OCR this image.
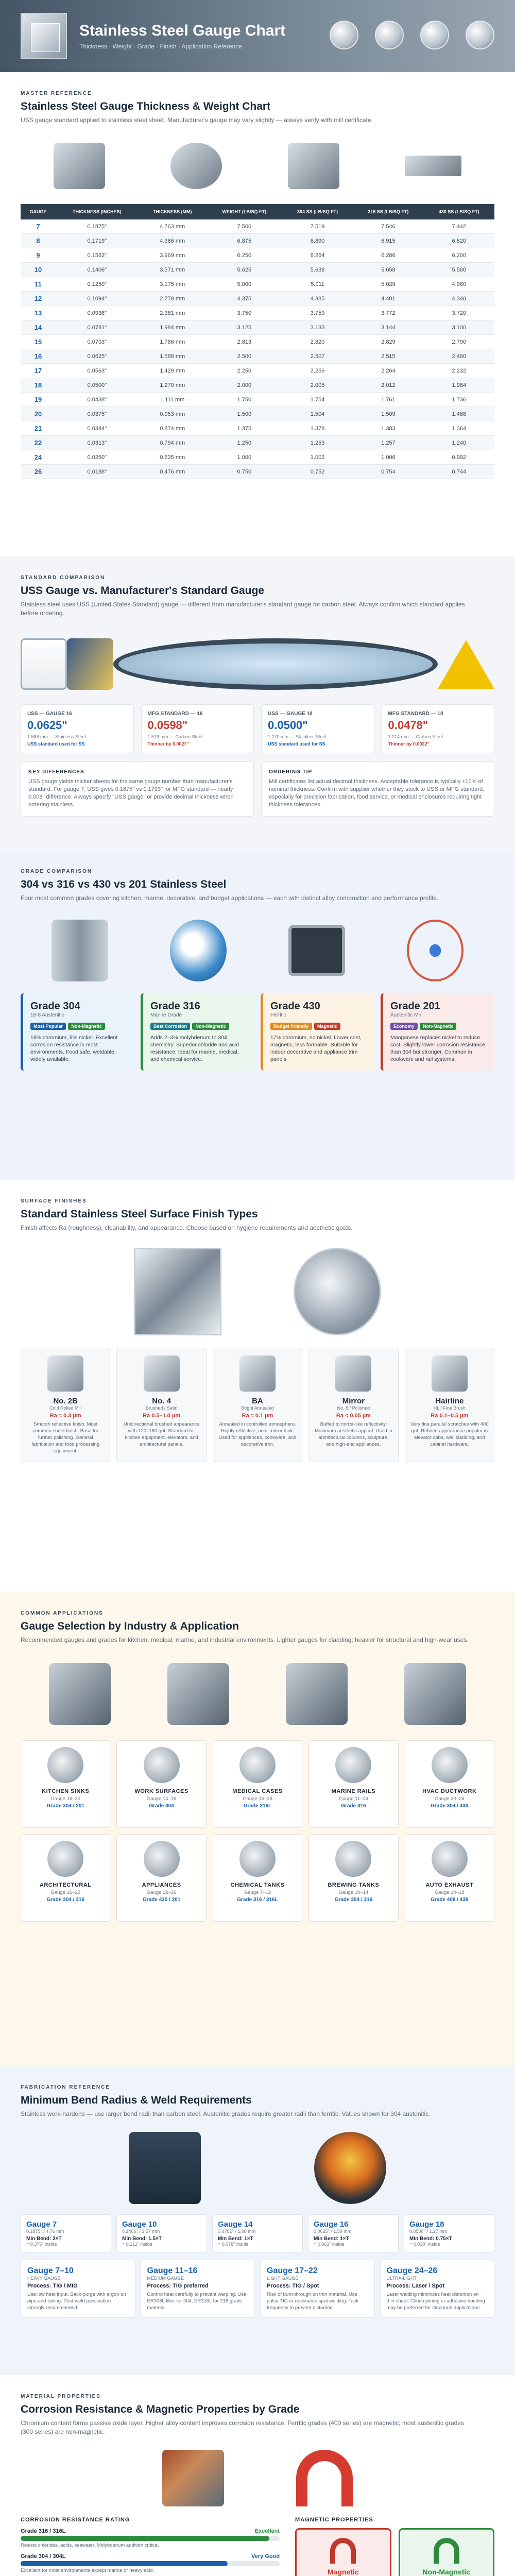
Stainless Steel Gauge Chart
Thickness · Weight · Grade · Finish · Application Reference
MASTER REFERENCE
Stainless Steel Gauge Thickness & Weight Chart
USS gauge standard applied to stainless steel sheet. Manufacturer's gauge may vary slightly — always verify with mill certificate.
GAUGE	THICKNESS (INCHES)	THICKNESS (MM)	WEIGHT (LB/SQ FT)	304 SS (LB/SQ FT)	316 SS (LB/SQ FT)	430 SS (LB/SQ FT)
7	0.1875"	4.763 mm	7.500	7.519	7.546	7.442
8	0.1719"	4.366 mm	6.875	6.890	6.915	6.820
9	0.1563"	3.969 mm	6.250	6.264	6.286	6.200
10	0.1406"	3.571 mm	5.625	5.638	5.658	5.580
11	0.1250"	3.175 mm	5.000	5.011	5.029	4.960
12	0.1094"	2.778 mm	4.375	4.385	4.401	4.340
13	0.0938"	2.381 mm	3.750	3.759	3.772	3.720
14	0.0781"	1.984 mm	3.125	3.133	3.144	3.100
15	0.0703"	1.786 mm	2.813	2.820	2.829	2.790
16	0.0625"	1.588 mm	2.500	2.507	2.515	2.480
17	0.0563"	1.429 mm	2.250	2.256	2.264	2.232
18	0.0500"	1.270 mm	2.000	2.005	2.012	1.984
19	0.0438"	1.111 mm	1.750	1.754	1.761	1.736
20	0.0375"	0.953 mm	1.500	1.504	1.509	1.488
21	0.0344"	0.874 mm	1.375	1.378	1.383	1.364
22	0.0313"	0.794 mm	1.250	1.253	1.257	1.240
24	0.0250"	0.635 mm	1.000	1.002	1.006	0.992
26	0.0188"	0.476 mm	0.750	0.752	0.754	0.744
STANDARD COMPARISON
USS Gauge vs. Manufacturer's Standard Gauge
Stainless steel uses USS (United States Standard) gauge — different from manufacturer's standard gauge for carbon steel. Always confirm which standard applies before ordering.
USS — GAUGE 16
0.0625"
1.588 mm — Stainless Steel
USS standard used for SS
MFG STANDARD — 16
0.0598"
1.519 mm — Carbon Steel
Thinner by 0.0027"
USS — GAUGE 18
0.0500"
1.270 mm — Stainless Steel
USS standard used for SS
MFG STANDARD — 18
0.0478"
1.214 mm — Carbon Steel
Thinner by 0.0022"
KEY DIFFERENCES
USS gauge yields thicker sheets for the same gauge number than manufacturer's standard. For gauge 7, USS gives 0.1875" vs 0.1793" for MFG standard — nearly 0.008" difference. Always specify "USS gauge" or provide decimal thickness when ordering stainless.
ORDERING TIP
Mill certificates list actual decimal thickness. Acceptable tolerance is typically ±10% of nominal thickness. Confirm with supplier whether they stock to USS or MFG standard, especially for precision fabrication, food service, or medical enclosures requiring tight thickness tolerances.
GRADE COMPARISON
304 vs 316 vs 430 vs 201 Stainless Steel
Four most common grades covering kitchen, marine, decorative, and budget applications — each with distinct alloy composition and performance profile.
Grade 304
18-8 Austenitic
Most Popular Non-Magnetic
18% chromium, 8% nickel. Excellent corrosion resistance in most environments. Food safe, weldable, widely available.
Grade 316
Marine Grade
Best Corrosion Non-Magnetic
Adds 2–3% molybdenum to 304 chemistry. Superior chloride and acid resistance. Ideal for marine, medical, and chemical service.
Grade 430
Ferritic
Budget Friendly Magnetic
17% chromium, no nickel. Lower cost, magnetic, less formable. Suitable for indoor decorative and appliance trim panels.
Grade 201
Austenitic Mn
Economy Non-Magnetic
Manganese replaces nickel to reduce cost. Slightly lower corrosion resistance than 304 but stronger. Common in cookware and rail systems.
SURFACE FINISHES
Standard Stainless Steel Surface Finish Types
Finish affects Ra (roughness), cleanability, and appearance. Choose based on hygiene requirements and aesthetic goals.
No. 2B
Cold Rolled Mill
Ra ≈ 0.3 µm
Smooth reflective finish. Most common sheet finish. Base for further polishing. General fabrication and food processing equipment.
No. 4
Brushed / Satin
Ra 0.5–1.0 µm
Unidirectional brushed appearance with 120–180 grit. Standard for kitchen equipment, elevators, and architectural panels.
BA
Bright Annealed
Ra ≈ 0.1 µm
Annealed in controlled atmosphere. Highly reflective, near-mirror look. Used for appliances, cookware, and decorative trim.
Mirror
No. 8 / Polished
Ra < 0.05 µm
Buffed to mirror-like reflectivity. Maximum aesthetic appeal. Used in architectural columns, sculpture, and high-end appliances.
Hairline
HL / Fine Brush
Ra 0.1–0.5 µm
Very fine parallel scratches with 400 grit. Refined appearance popular in elevator cabs, wall cladding, and cabinet hardware.
COMMON APPLICATIONS
Gauge Selection by Industry & Application
Recommended gauges and grades for kitchen, medical, marine, and industrial environments. Lighter gauges for cladding; heavier for structural and high-wear uses.
KITCHEN SINKS
Gauge 16–20
Grade 304 / 201
WORK SURFACES
Gauge 14–16
Grade 304
MEDICAL CASES
Gauge 16–18
Grade 316L
MARINE RAILS
Gauge 11–14
Grade 316
HVAC DUCTWORK
Gauge 20–26
Grade 304 / 430
ARCHITECTURAL
Gauge 16–22
Grade 304 / 316
APPLIANCES
Gauge 22–26
Grade 430 / 201
CHEMICAL TANKS
Gauge 7–12
Grade 316 / 316L
BREWING TANKS
Gauge 10–14
Grade 304 / 316
AUTO EXHAUST
Gauge 14–18
Grade 409 / 439
FABRICATION REFERENCE
Minimum Bend Radius & Weld Requirements
Stainless work-hardens — use larger bend radii than carbon steel. Austenitic grades require greater radii than ferritic. Values shown for 304 austenitic.
Gauge 7
0.1875" / 4.76 mm
Min Bend: 2×T
= 0.375" inside
Gauge 10
0.1406" / 3.57 mm
Min Bend: 1.5×T
= 0.211" inside
Gauge 14
0.0781" / 1.98 mm
Min Bend: 1×T
= 0.078" inside
Gauge 16
0.0625" / 1.59 mm
Min Bend: 1×T
= 0.063" inside
Gauge 18
0.0500" / 1.27 mm
Min Bend: 0.75×T
= 0.038" inside
Gauge 7–10
HEAVY GAUGE
Process: TIG / MIG
Use low heat input. Back-purge with argon on pipe and tubing. Post-weld passivation strongly recommended.
Gauge 11–16
MEDIUM GAUGE
Process: TIG preferred
Control heat carefully to prevent warping. Use ER308L filler for 304, ER316L for 316 grade material.
Gauge 17–22
LIGHT GAUGE
Process: TIG / Spot
Risk of burn-through on thin material. Use pulse TIG or resistance spot welding. Tack frequently to prevent distortion.
Gauge 24–26
ULTRA-LIGHT
Process: Laser / Spot
Laser welding minimizes heat distortion on thin sheet. Clinch joining or adhesive bonding may be preferred for structural applications.
MATERIAL PROPERTIES
Corrosion Resistance & Magnetic Properties by Grade
Chromium content forms passive oxide layer. Higher alloy content improves corrosion resistance. Ferritic grades (400 series) are magnetic; most austenitic grades (300 series) are non-magnetic.
CORROSION RESISTANCE RATING
Grade 316 / 316L	Excellent
Resists chlorides, acids, seawater. Molybdenum addition critical.
Grade 304 / 304L	Very Good
Excellent for most environments except marine or heavy acid.
MAGNETIC PROPERTIES
Magnetic	Non-Magnetic
